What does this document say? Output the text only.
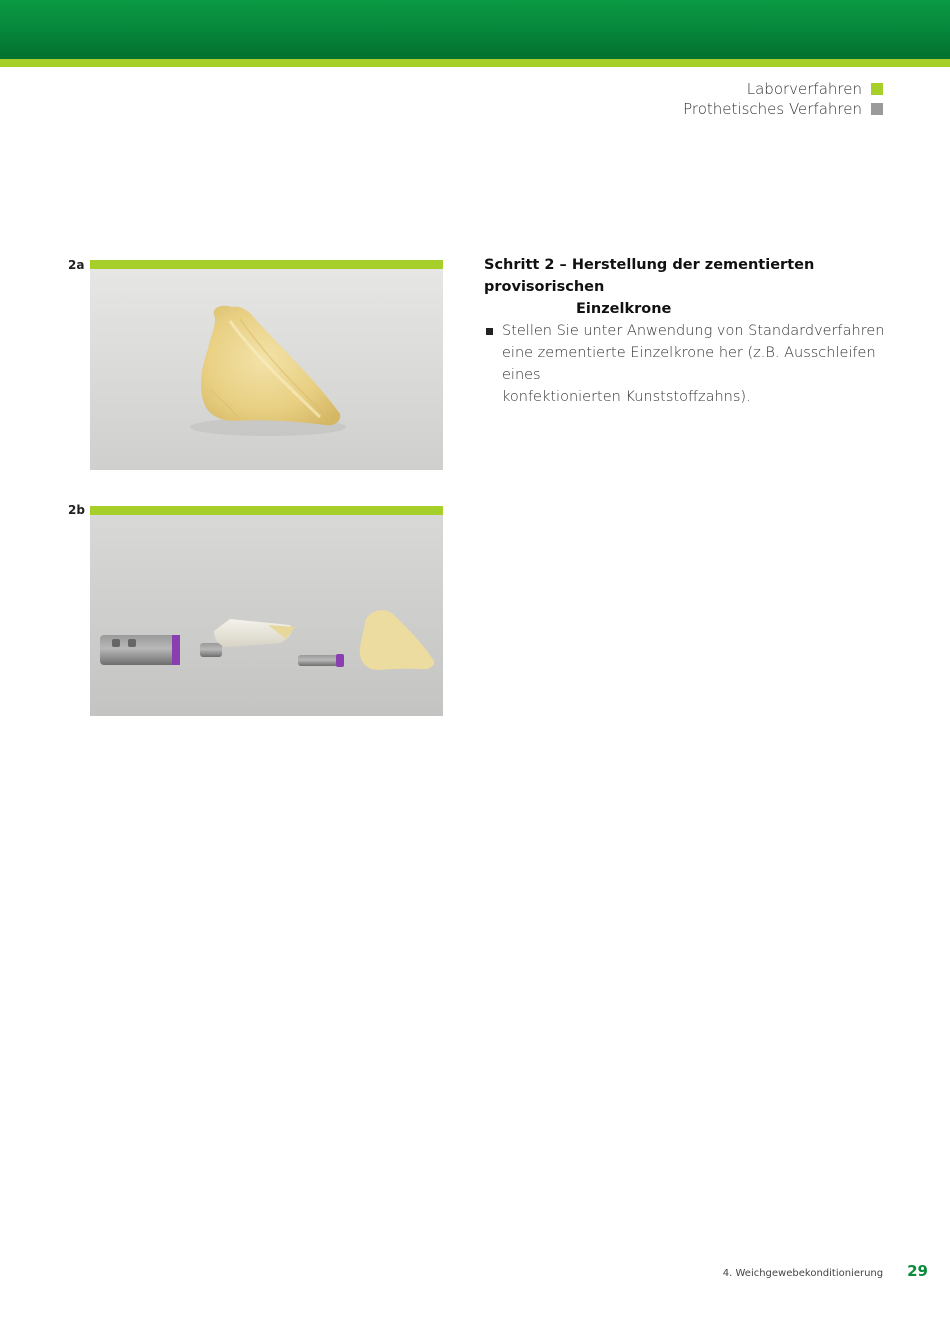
Laborverfahren
Prothetisches Verfahren
2a
2b
Schritt 2 – Herstellung der zementierten provisorischen
Einzelkrone
Stellen Sie unter Anwendung von Standardverfahren
eine zementierte Einzelkrone her (z.B. Ausschleifen eines
konfektionierten Kunststoffzahns).
4. Weichgewebekonditionierung 29
